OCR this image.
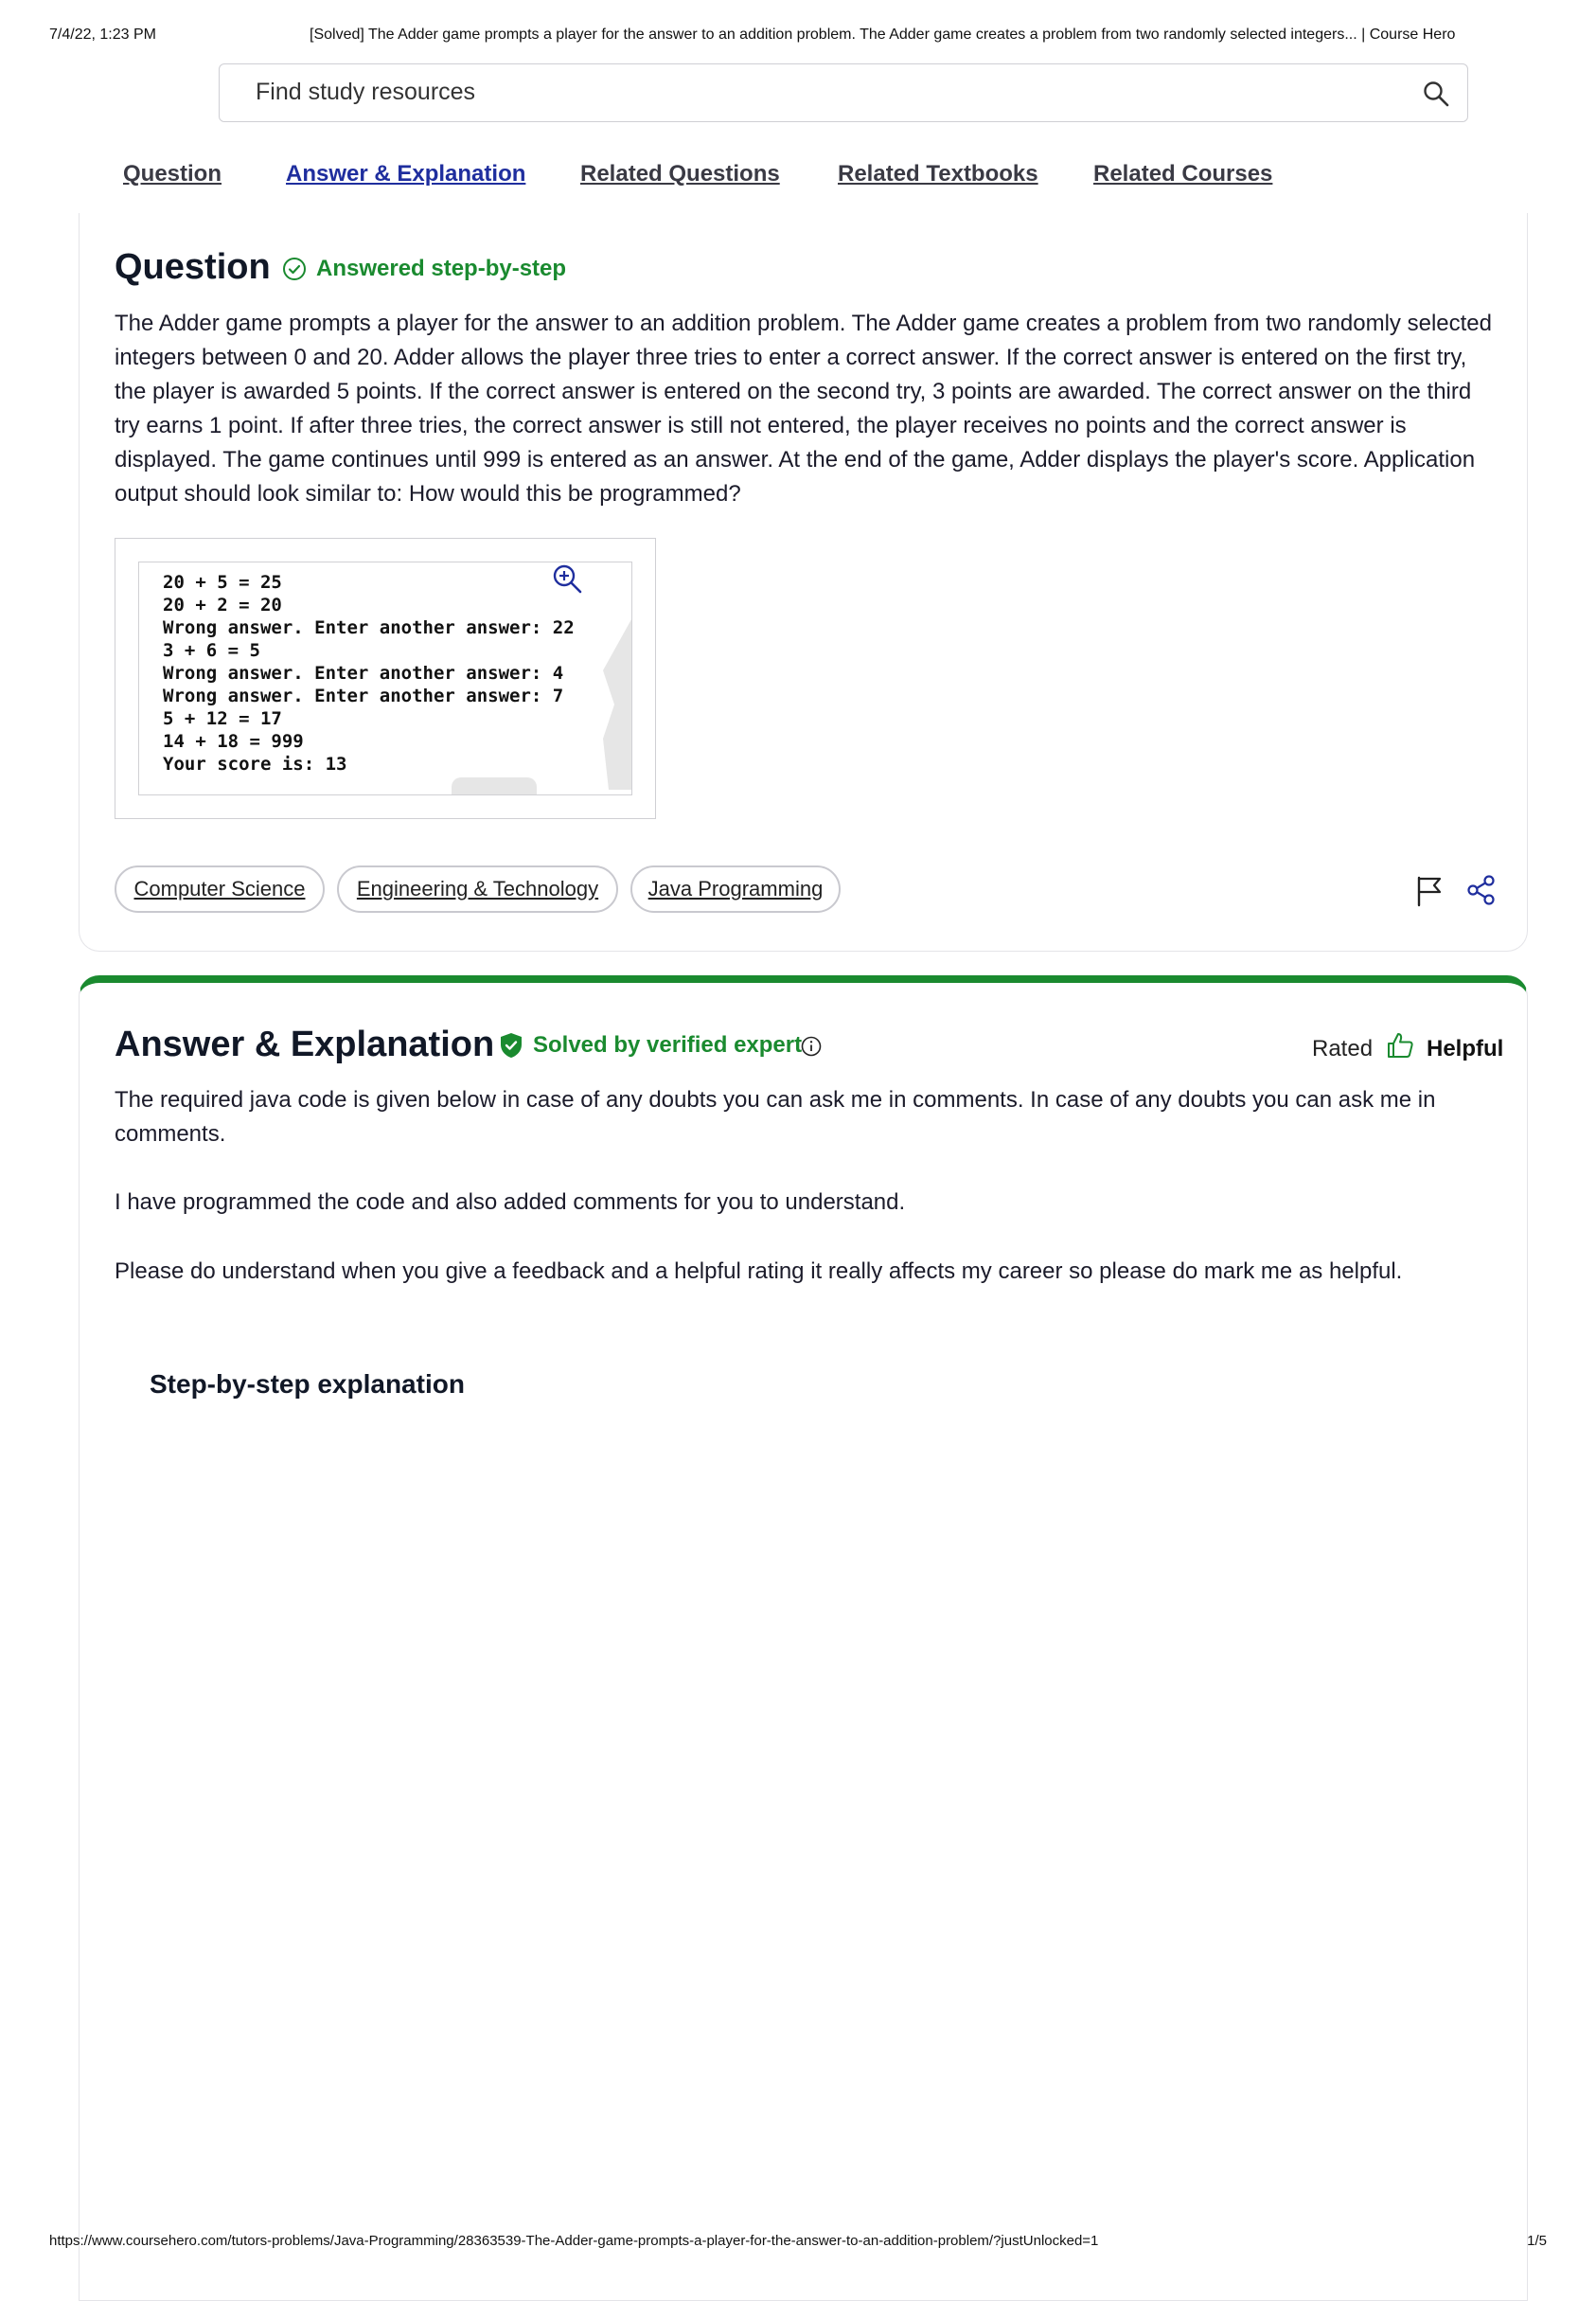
7/4/22, 1:23 PM	[Solved] The Adder game prompts a player for the answer to an addition problem. The Adder game creates a problem from two randomly selected integers... | Course Hero
Find study resources
Question	Answer & Explanation Related Questions	Related Textbooks Related Courses
Question Answered step-by-step
The Adder game prompts a player for the answer to an addition problem. The Adder game creates a problem from two randomly selected integers between 0 and 20. Adder allows the player three tries to enter a correct answer. If the correct answer is entered on the first try, the player is awarded 5 points. If the correct answer is entered on the second try, 3 points are awarded. The correct answer on the third try earns 1 point. If after three tries, the correct answer is still not entered, the player receives no points and the correct answer is displayed. The game continues until 999 is entered as an answer. At the end of the game, Adder displays the player's score. Application output should look similar to: How would this be programmed?
20 + 5 = 25
20 + 2 = 20
Wrong answer. Enter another answer: 22
3 + 6 = 5
Wrong answer. Enter another answer: 4
Wrong answer. Enter another answer: 7
5 + 12 = 17
14 + 18 = 999
Your score is: 13
Computer Science	Engineering & Technology	Java Programming
Answer & Explanation Solved by verified expert	Rated Helpful
The required java code is given below in case of any doubts you can ask me in comments. In case of any doubts you can ask me in comments.
I have programmed the code and also added comments for you to understand.
Please do understand when you give a feedback and a helpful rating it really affects my career so please do mark me as helpful.
Step-by-step explanation
https://www.coursehero.com/tutors-problems/Java-Programming/28363539-The-Adder-game-prompts-a-player-for-the-answer-to-an-addition-problem/?justUnlocked=1	1/5
